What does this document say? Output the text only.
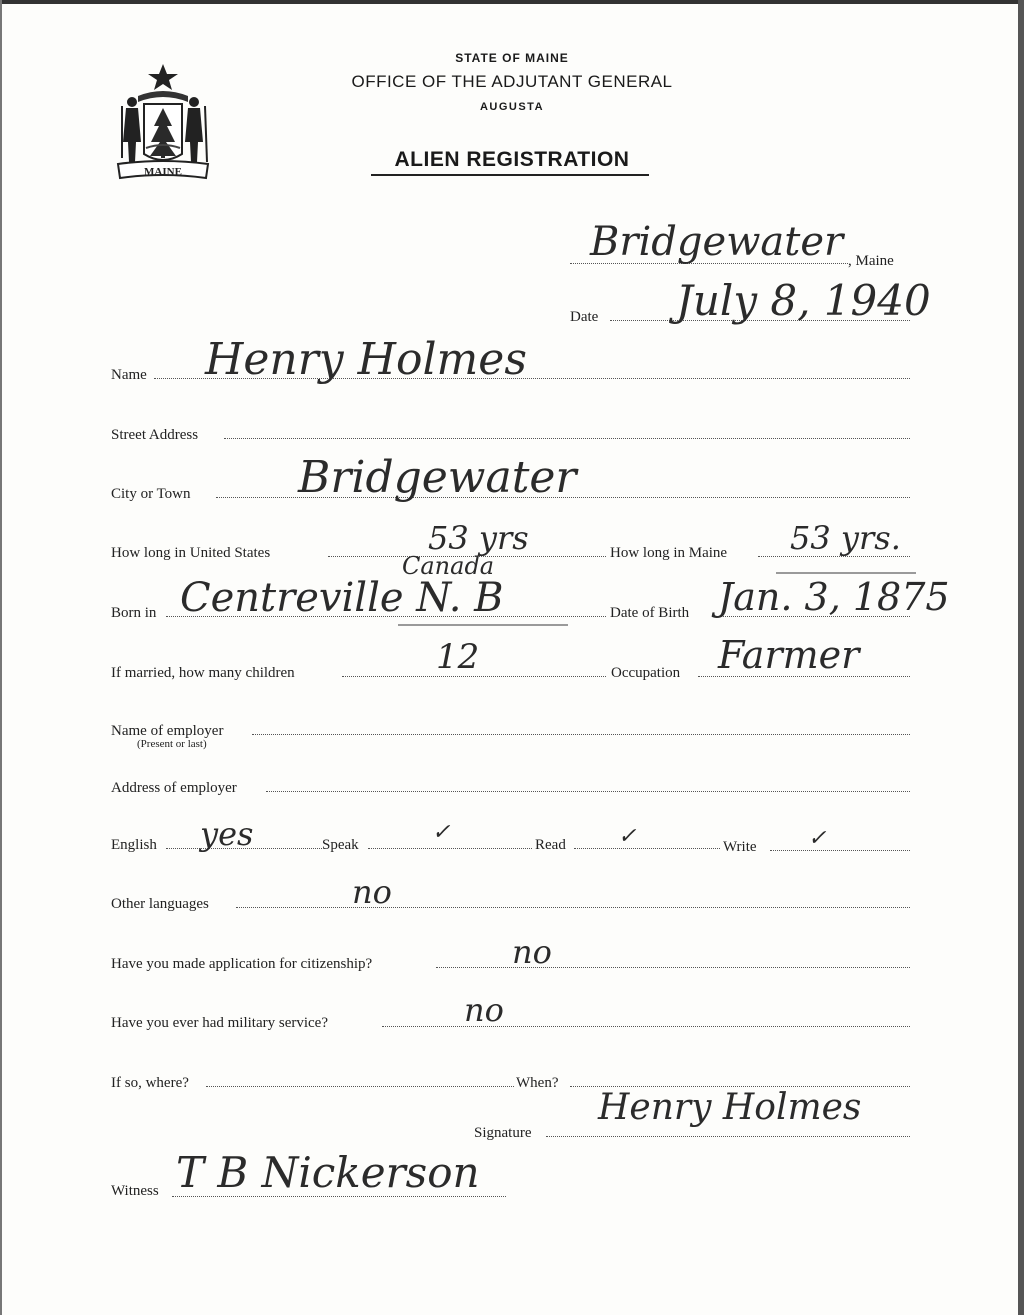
MAINE
STATE OF MAINE
OFFICE OF THE ADJUTANT GENERAL
AUGUSTA
ALIEN REGISTRATION
Bridgewater , Maine
Date July 8, 1940
Name Henry Holmes
Street Address
City or Town Bridgewater
How long in United States	53 yrs	How long in Maine 53 yrs.
Canada
Born in Centreville N. B	Date of Birth Jan. 3, 1875
If married, how many children	12	Occupation Farmer
Name of employer
(Present or last)
Address of employer
English yes	Speak	✓	Read ✓	Write ✓
Other languages	no
Have you made application for citizenship?	no
Have you ever had military service?	no
If so, where?	When?
Signature
Henry Holmes
Witness T B Nickerson
